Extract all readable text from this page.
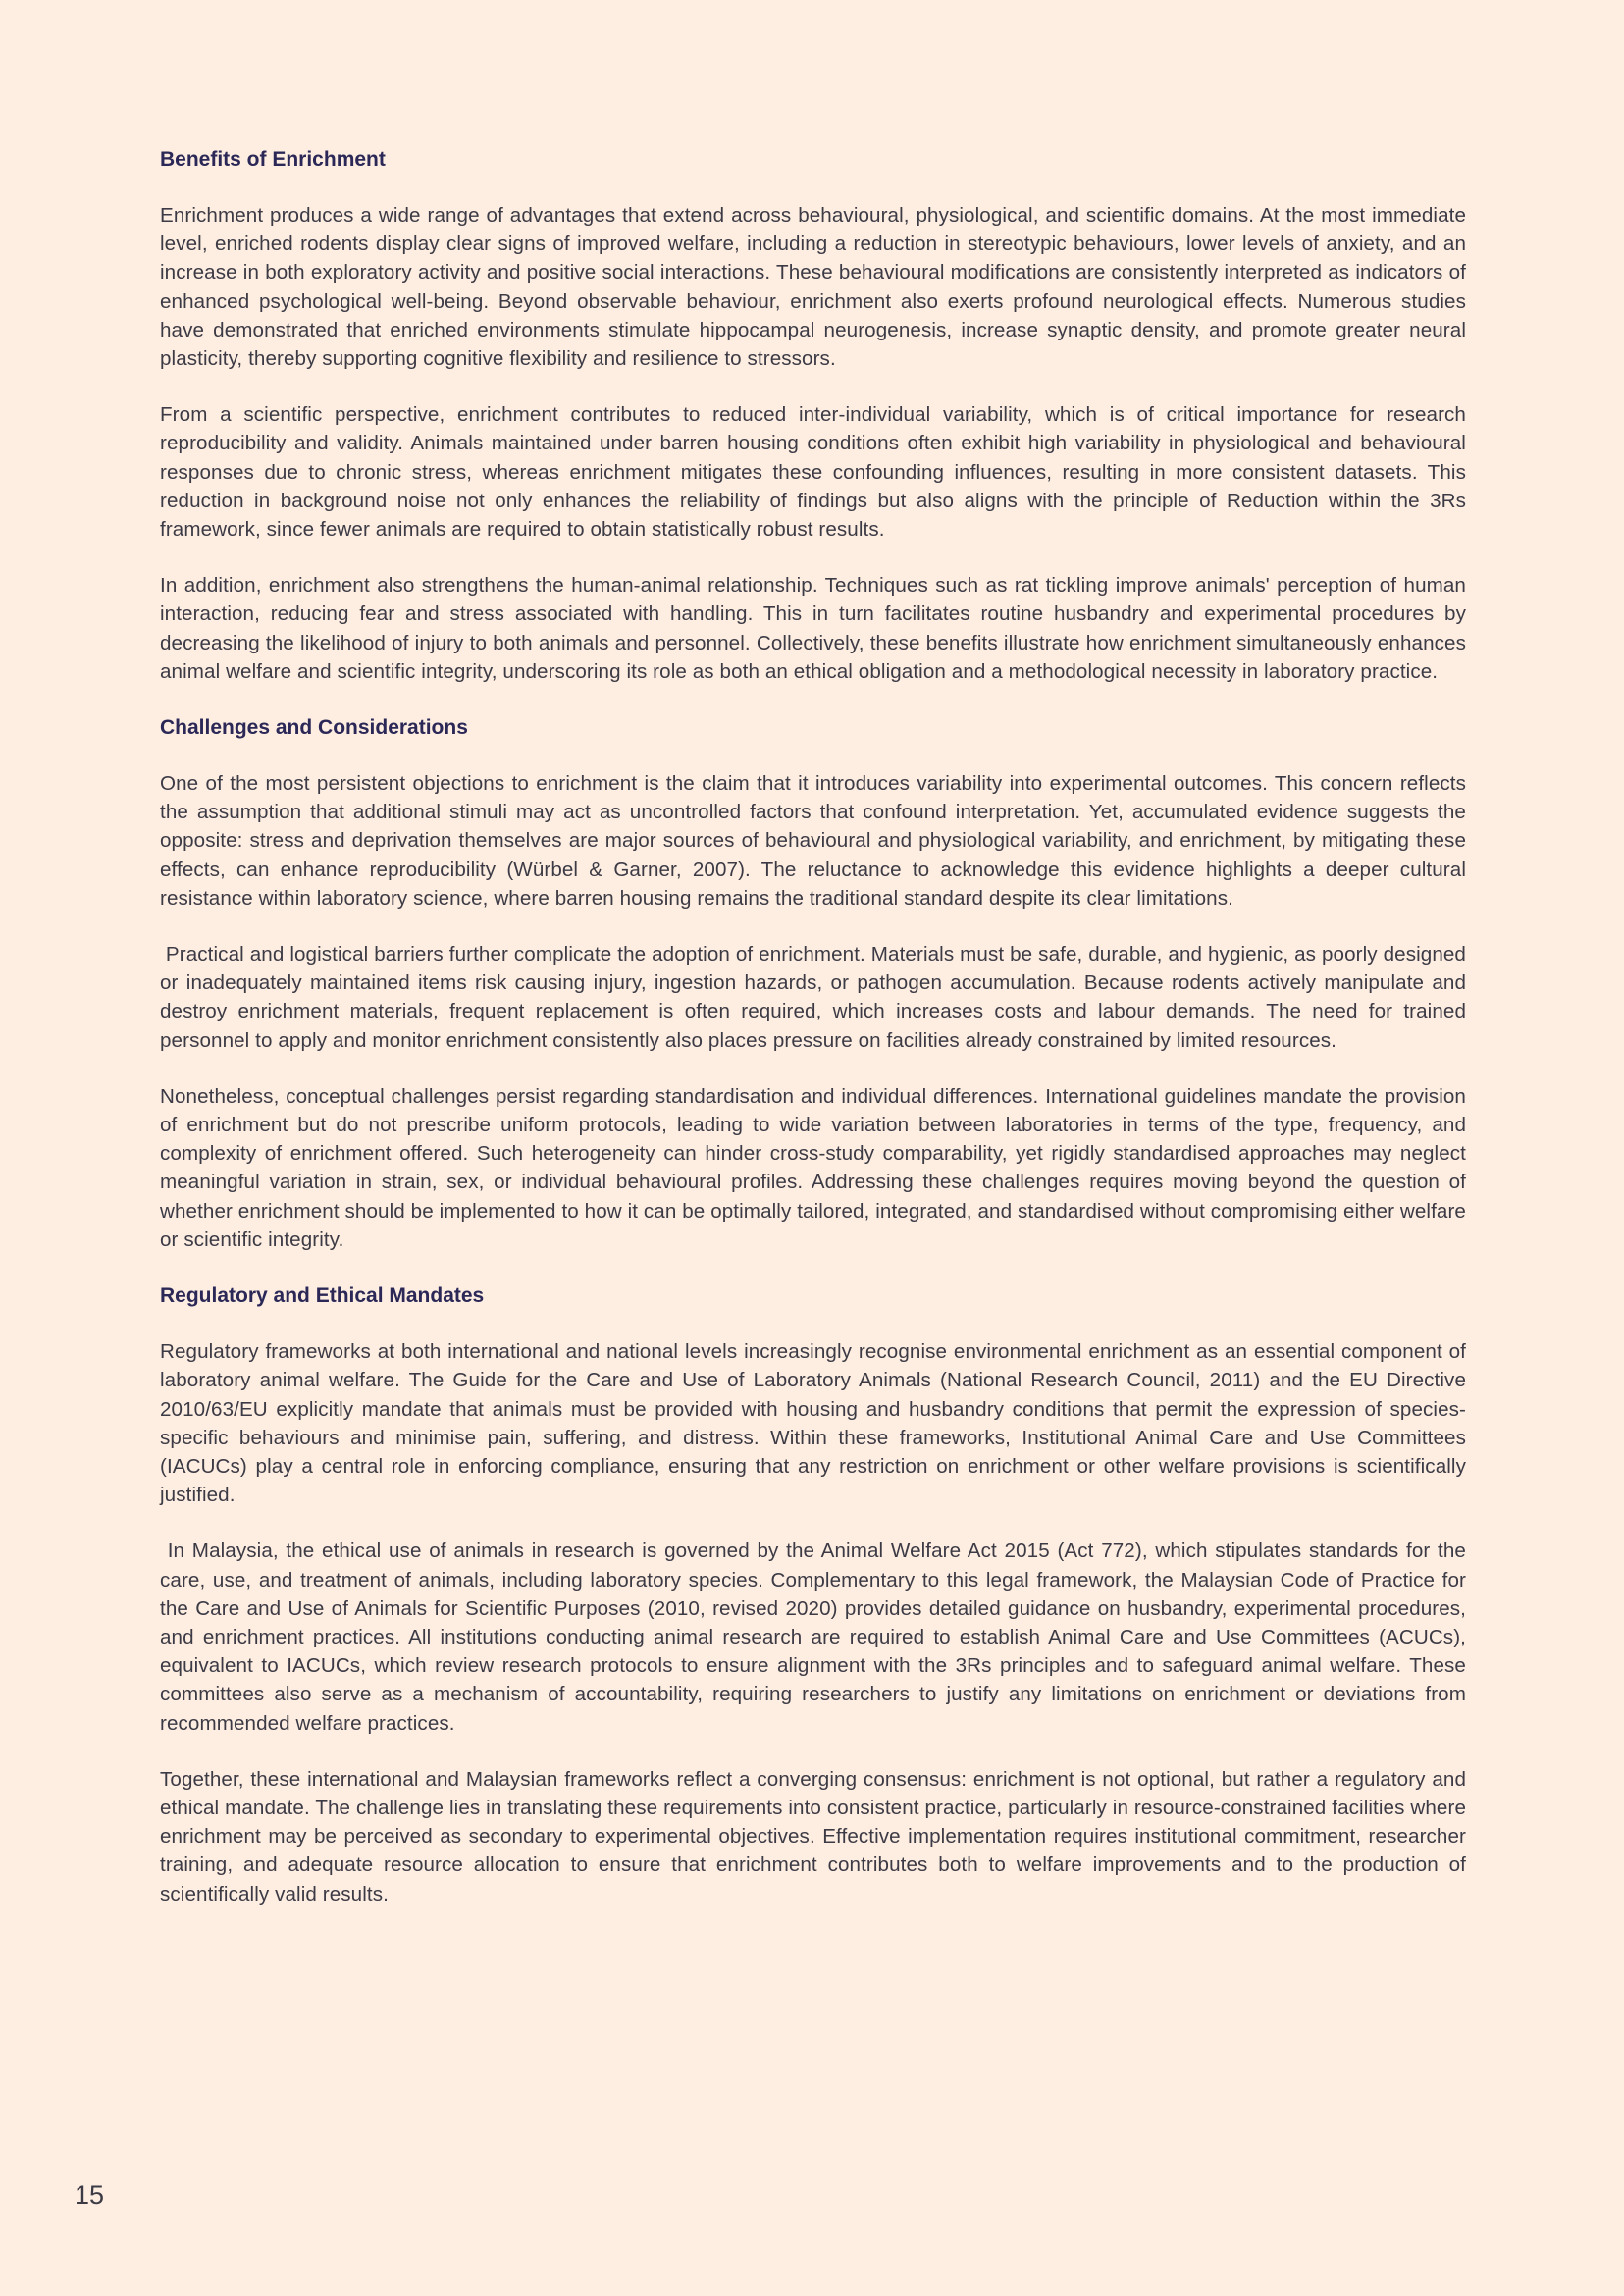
Benefits of Enrichment

Enrichment produces a wide range of advantages that extend across behavioural, physiological, and scientific domains. At the most immediate level, enriched rodents display clear signs of improved welfare, including a reduction in stereotypic behaviours, lower levels of anxiety, and an increase in both exploratory activity and positive social interactions. These behavioural modifications are consistently interpreted as indicators of enhanced psychological well-being. Beyond observable behaviour, enrichment also exerts profound neurological effects. Numerous studies have demonstrated that enriched environments stimulate hippocampal neurogenesis, increase synaptic density, and promote greater neural plasticity, thereby supporting cognitive flexibility and resilience to stressors.

From a scientific perspective, enrichment contributes to reduced inter-individual variability, which is of critical importance for research reproducibility and validity. Animals maintained under barren housing conditions often exhibit high variability in physiological and behavioural responses due to chronic stress, whereas enrichment mitigates these confounding influences, resulting in more consistent datasets. This reduction in background noise not only enhances the reliability of findings but also aligns with the principle of Reduction within the 3Rs framework, since fewer animals are required to obtain statistically robust results.

In addition, enrichment also strengthens the human-animal relationship. Techniques such as rat tickling improve animals' perception of human interaction, reducing fear and stress associated with handling. This in turn facilitates routine husbandry and experimental procedures by decreasing the likelihood of injury to both animals and personnel. Collectively, these benefits illustrate how enrichment simultaneously enhances animal welfare and scientific integrity, underscoring its role as both an ethical obligation and a methodological necessity in laboratory practice.

Challenges and Considerations

One of the most persistent objections to enrichment is the claim that it introduces variability into experimental outcomes. This concern reflects the assumption that additional stimuli may act as uncontrolled factors that confound interpretation. Yet, accumulated evidence suggests the opposite: stress and deprivation themselves are major sources of behavioural and physiological variability, and enrichment, by mitigating these effects, can enhance reproducibility (Würbel & Garner, 2007). The reluctance to acknowledge this evidence highlights a deeper cultural resistance within laboratory science, where barren housing remains the traditional standard despite its clear limitations.

Practical and logistical barriers further complicate the adoption of enrichment. Materials must be safe, durable, and hygienic, as poorly designed or inadequately maintained items risk causing injury, ingestion hazards, or pathogen accumulation. Because rodents actively manipulate and destroy enrichment materials, frequent replacement is often required, which increases costs and labour demands. The need for trained personnel to apply and monitor enrichment consistently also places pressure on facilities already constrained by limited resources.

Nonetheless, conceptual challenges persist regarding standardisation and individual differences. International guidelines mandate the provision of enrichment but do not prescribe uniform protocols, leading to wide variation between laboratories in terms of the type, frequency, and complexity of enrichment offered. Such heterogeneity can hinder cross-study comparability, yet rigidly standardised approaches may neglect meaningful variation in strain, sex, or individual behavioural profiles. Addressing these challenges requires moving beyond the question of whether enrichment should be implemented to how it can be optimally tailored, integrated, and standardised without compromising either welfare or scientific integrity.

Regulatory and Ethical Mandates

Regulatory frameworks at both international and national levels increasingly recognise environmental enrichment as an essential component of laboratory animal welfare. The Guide for the Care and Use of Laboratory Animals (National Research Council, 2011) and the EU Directive 2010/63/EU explicitly mandate that animals must be provided with housing and husbandry conditions that permit the expression of species-specific behaviours and minimise pain, suffering, and distress. Within these frameworks, Institutional Animal Care and Use Committees (IACUCs) play a central role in enforcing compliance, ensuring that any restriction on enrichment or other welfare provisions is scientifically justified.

In Malaysia, the ethical use of animals in research is governed by the Animal Welfare Act 2015 (Act 772), which stipulates standards for the care, use, and treatment of animals, including laboratory species. Complementary to this legal framework, the Malaysian Code of Practice for the Care and Use of Animals for Scientific Purposes (2010, revised 2020) provides detailed guidance on husbandry, experimental procedures, and enrichment practices. All institutions conducting animal research are required to establish Animal Care and Use Committees (ACUCs), equivalent to IACUCs, which review research protocols to ensure alignment with the 3Rs principles and to safeguard animal welfare. These committees also serve as a mechanism of accountability, requiring researchers to justify any limitations on enrichment or deviations from recommended welfare practices.

Together, these international and Malaysian frameworks reflect a converging consensus: enrichment is not optional, but rather a regulatory and ethical mandate. The challenge lies in translating these requirements into consistent practice, particularly in resource-constrained facilities where enrichment may be perceived as secondary to experimental objectives. Effective implementation requires institutional commitment, researcher training, and adequate resource allocation to ensure that enrichment contributes both to welfare improvements and to the production of scientifically valid results.

15
